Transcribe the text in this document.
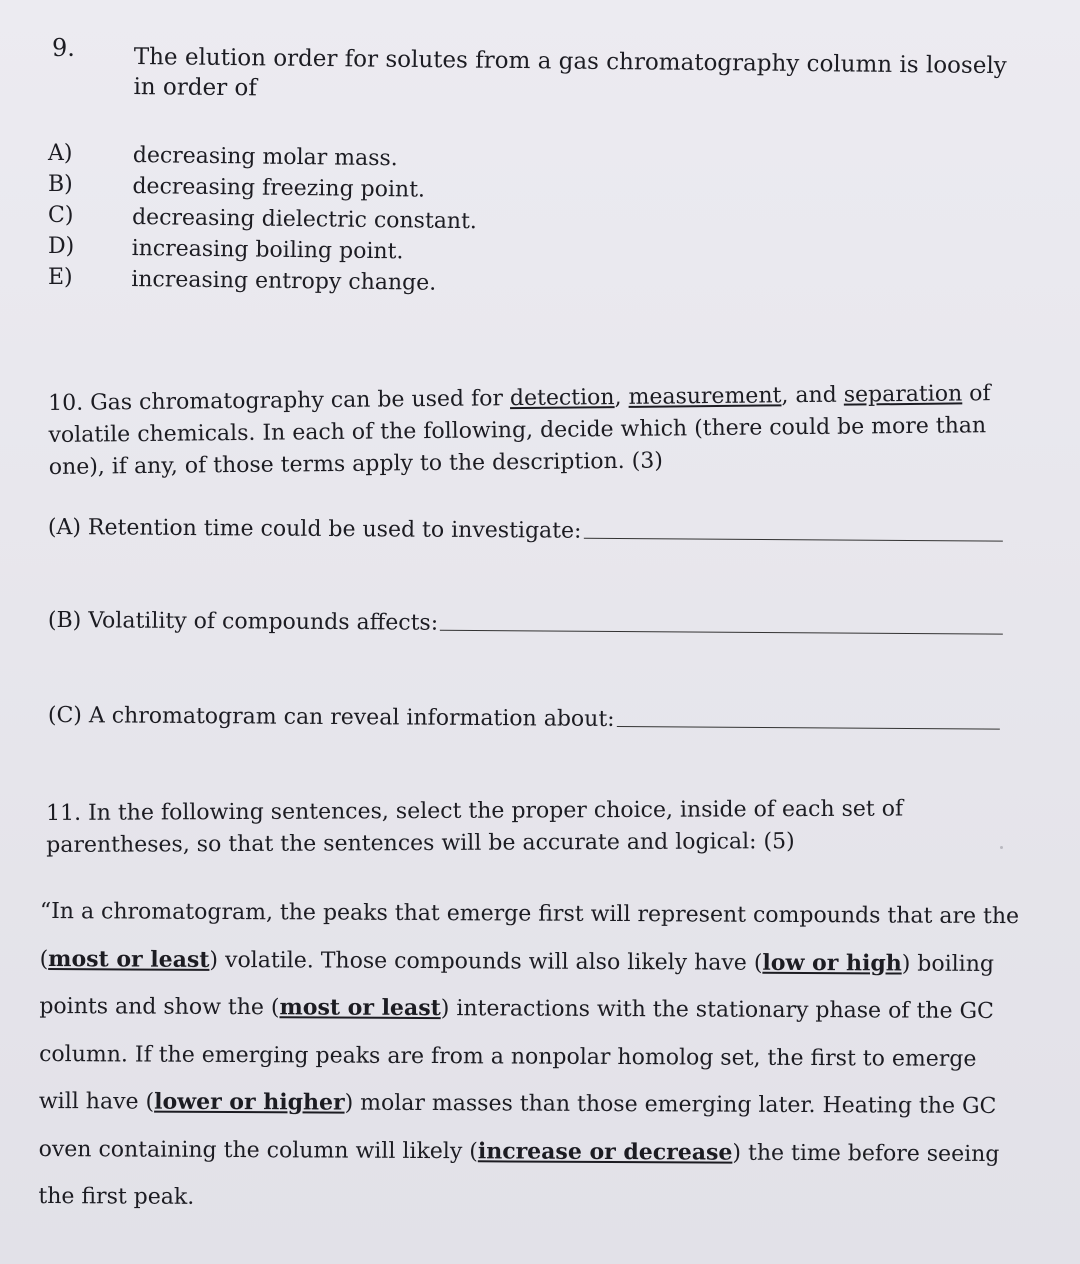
9.	The elution order for solutes from a gas chromatography column is loosely in order of
A)
B)
C)
D)
E)
decreasing molar mass.
decreasing freezing point.
decreasing dielectric constant.
increasing boiling point.
increasing entropy change.
10. Gas chromatography can be used for detection, measurement, and separation of volatile chemicals. In each of the following, decide which (there could be more than one), if any, of those terms apply to the description. (3)
(A) Retention time could be used to investigate:
(B) Volatility of compounds affects:
(C) A chromatogram can reveal information about:
11. In the following sentences, select the proper choice, inside of each set of parentheses, so that the sentences will be accurate and logical: (5)
“In a chromatogram, the peaks that emerge first will represent compounds that are the (most or least) volatile. Those compounds will also likely have (low or high) boiling points and show the (most or least) interactions with the stationary phase of the GC column. If the emerging peaks are from a nonpolar homolog set, the first to emerge will have (lower or higher) molar masses than those emerging later. Heating the GC oven containing the column will likely (increase or decrease) the time before seeing the first peak.
